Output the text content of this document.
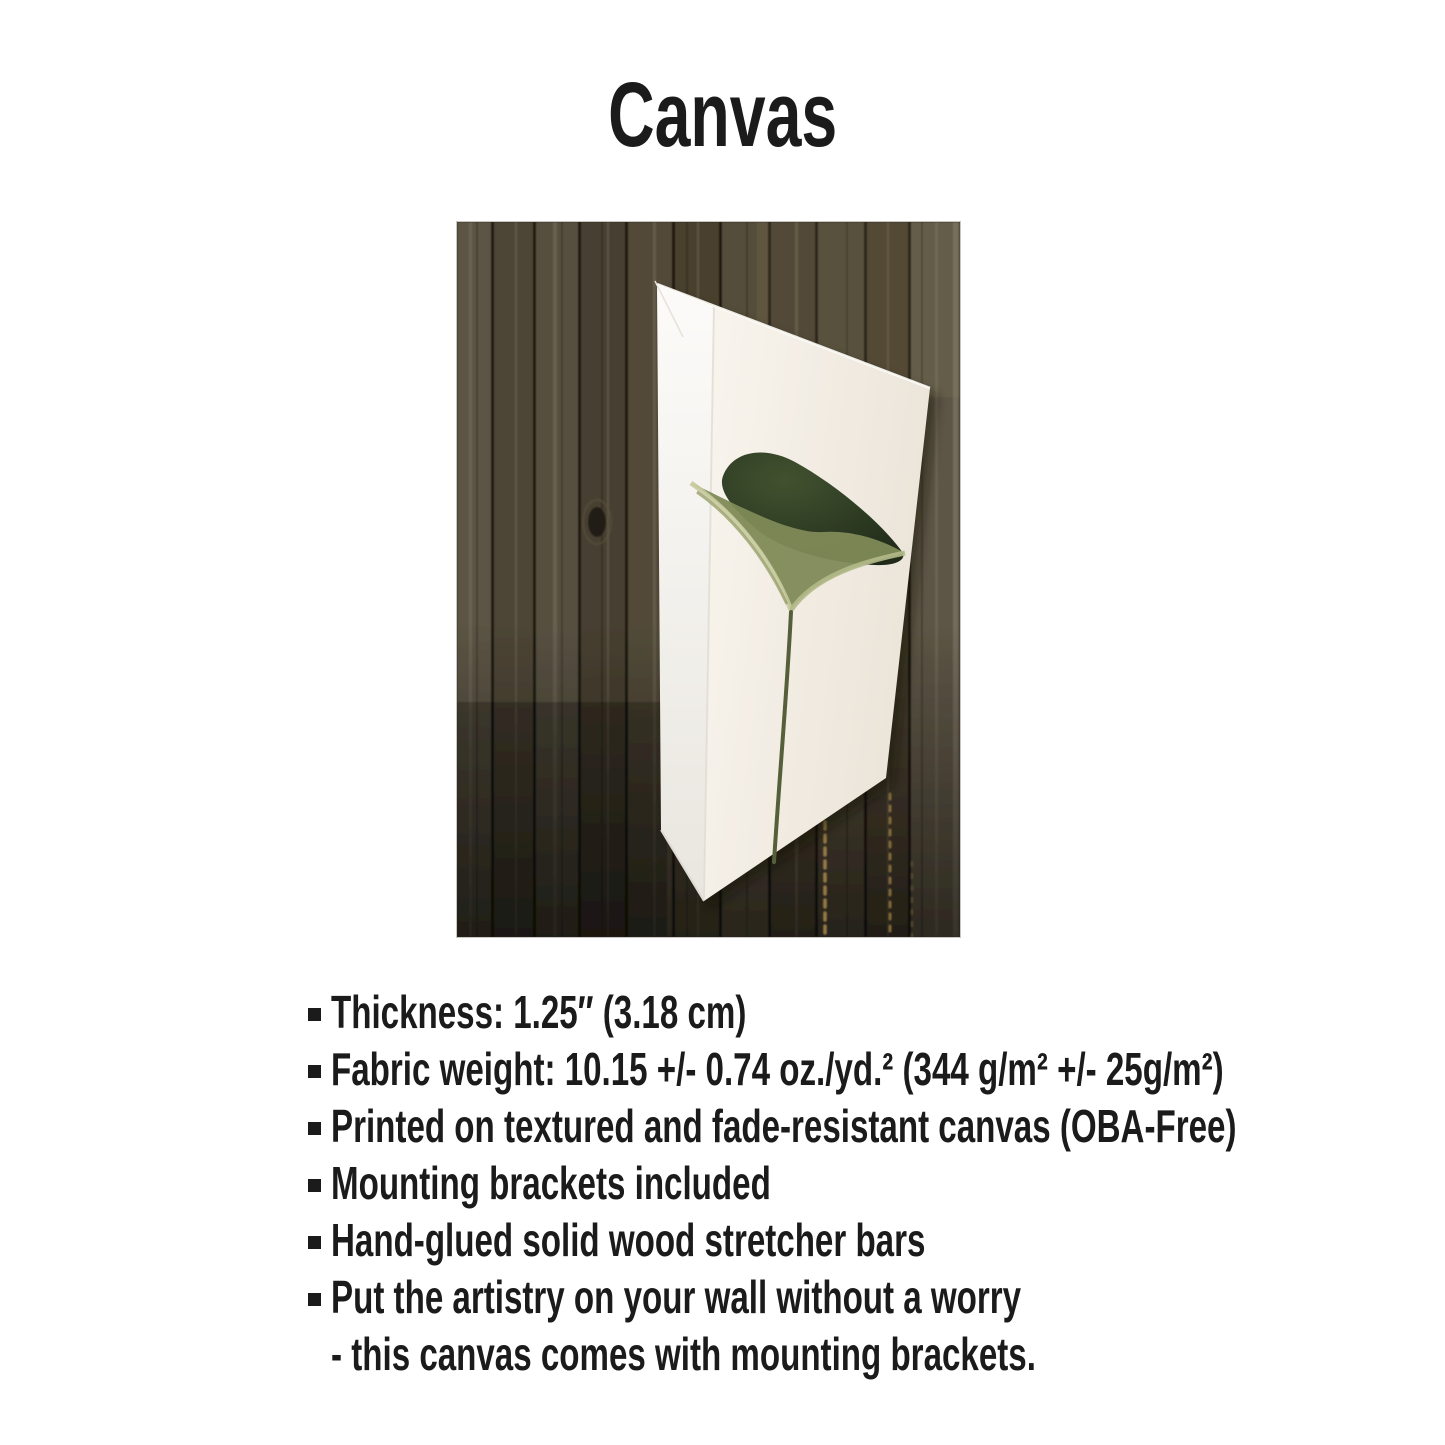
Canvas
Thickness: 1.25″ (3.18 cm)
Fabric weight: 10.15 +/- 0.74 oz./yd.² (344 g/m² +/- 25g/m²)
Printed on textured and fade-resistant canvas (OBA-Free)
Mounting brackets included
Hand-glued solid wood stretcher bars
Put the artistry on your wall without a worry
- this canvas comes with mounting brackets.
